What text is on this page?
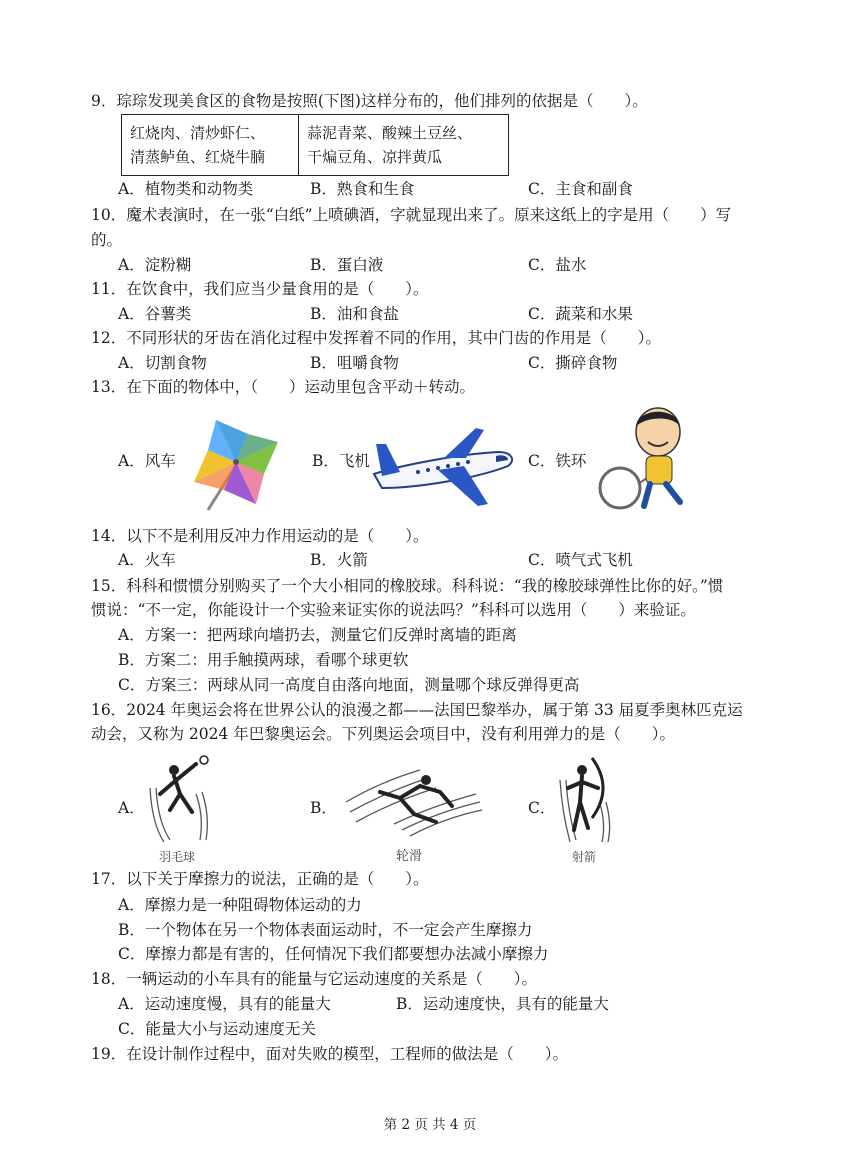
9．琮琮发现美食区的食物是按照(下图)这样分布的，他们排列的依据是（　　）。
红烧肉、清炒虾仁、
清蒸鲈鱼、红烧牛腩

蒜泥青菜、酸辣土豆丝、
干煸豆角、凉拌黄瓜
A．植物类和动物类	B．熟食和生食	C．主食和副食
10．魔术表演时，在一张“白纸”上喷碘酒，字就显现出来了。原来这纸上的字是用（　　）写
的。
A．淀粉糊	B．蛋白液	C．盐水
11．在饮食中，我们应当少量食用的是（　　）。
A．谷薯类	B．油和食盐	C．蔬菜和水果
12．不同形状的牙齿在消化过程中发挥着不同的作用，其中门齿的作用是（　　）。
A．切割食物	B．咀嚼食物	C．撕碎食物
13．在下面的物体中，（　　）运动里包含平动＋转动。
A．风车	B．飞机	C．铁环
14．以下不是利用反冲力作用运动的是（　　）。
A．火车	B．火箭	C．喷气式飞机
15．科科和惯惯分别购买了一个大小相同的橡胶球。科科说：“我的橡胶球弹性比你的好。”惯
惯说：“不一定，你能设计一个实验来证实你的说法吗？”科科可以选用（　　）来验证。
A．方案一：把两球向墙扔去，测量它们反弹时离墙的距离
B．方案二：用手触摸两球，看哪个球更软
C．方案三：两球从同一高度自由落向地面，测量哪个球反弹得更高
16．2024 年奥运会将在世界公认的浪漫之都——法国巴黎举办，属于第 33 届夏季奥林匹克运
动会，又称为 2024 年巴黎奥运会。下列奥运会项目中，没有利用弹力的是（　　）。
A．
羽毛球
B．
轮滑
C．
射箭
17．以下关于摩擦力的说法，正确的是（　　）。
A．摩擦力是一种阻碍物体运动的力
B．一个物体在另一个物体表面运动时，不一定会产生摩擦力
C．摩擦力都是有害的，任何情况下我们都要想办法减小摩擦力
18．一辆运动的小车具有的能量与它运动速度的关系是（　　）。
A．运动速度慢，具有的能量大	B．运动速度快，具有的能量大
C．能量大小与运动速度无关
19．在设计制作过程中，面对失败的模型，工程师的做法是（　　）。
第 2 页 共 4 页
